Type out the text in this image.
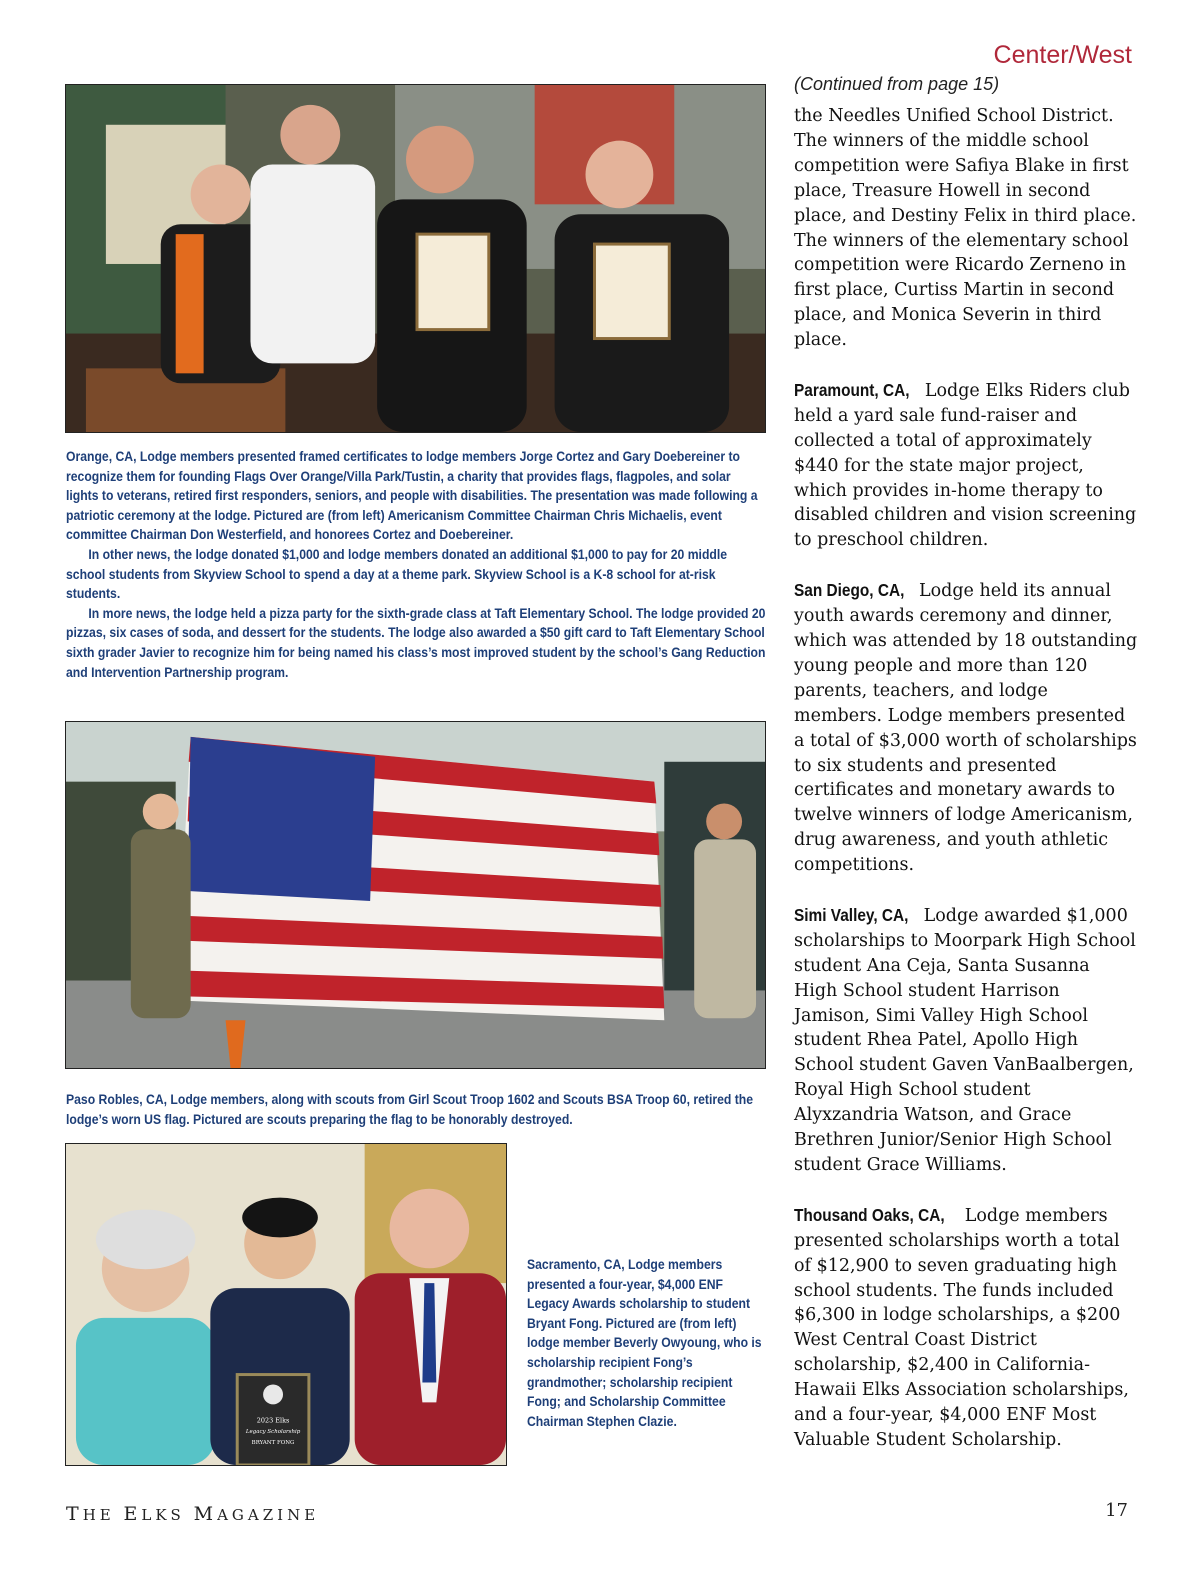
Center/West

Orange, CA, Lodge members presented framed certificates to lodge members Jorge Cortez and Gary Doebereiner to recognize them for founding Flags Over Orange/Villa Park/Tustin, a charity that provides flags, flagpoles, and solar lights to veterans, retired first responders, seniors, and people with disabilities. The presentation was made following a patriotic ceremony at the lodge. Pictured are (from left) Americanism Committee Chairman Chris Michaelis, event committee Chairman Don Westerfield, and honorees Cortez and Doebereiner.

In other news, the lodge donated $1,000 and lodge members donated an additional $1,000 to pay for 20 middle school students from Skyview School to spend a day at a theme park. Skyview School is a K-8 school for at-risk students.

In more news, the lodge held a pizza party for the sixth-grade class at Taft Elementary School. The lodge provided 20 pizzas, six cases of soda, and dessert for the students. The lodge also awarded a $50 gift card to Taft Elementary School sixth grader Javier to recognize him for being named his class’s most improved student by the school’s Gang Reduction and Intervention Partnership program.

Paso Robles, CA, Lodge members, along with scouts from Girl Scout Troop 1602 and Scouts BSA Troop 60, retired the lodge’s worn US flag. Pictured are scouts preparing the flag to be honorably destroyed.

2023 Elks
Legacy Scholarship
BRYANT FONG

Sacramento, CA, Lodge members presented a four-year, $4,000 ENF Legacy Awards scholarship to student Bryant Fong. Pictured are (from left) lodge member Beverly Owyoung, who is scholarship recipient Fong’s grandmother; scholarship recipient Fong; and Scholarship Committee Chairman Stephen Clazie.

(Continued from page 15)

the Needles Unified School District. The winners of the middle school competition were Safiya Blake in first place, Treasure Howell in second place, and Destiny Felix in third place. The winners of the elementary school competition were Ricardo Zerneno in first place, Curtiss Martin in second place, and Monica Severin in third place.

Paramount, CA, Lodge Elks Riders club held a yard sale fund-raiser and collected a total of approximately $440 for the state major project, which provides in-home therapy to disabled children and vision screening to preschool children.

San Diego, CA, Lodge held its annual youth awards ceremony and dinner, which was attended by 18 outstanding young people and more than 120 parents, teachers, and lodge members. Lodge members presented a total of $3,000 worth of scholarships to six students and presented certificates and monetary awards to twelve winners of lodge Americanism, drug awareness, and youth athletic competitions.

Simi Valley, CA, Lodge awarded $1,000 scholarships to Moorpark High School student Ana Ceja, Santa Susanna High School student Harrison Jamison, Simi Valley High School student Rhea Patel, Apollo High School student Gaven VanBaalbergen, Royal High School student Alyxzandria Watson, and Grace Brethren Junior/Senior High School student Grace Williams.

Thousand Oaks, CA, Lodge members presented scholarships worth a total of $12,900 to seven graduating high school students. The funds included $6,300 in lodge scholarships, a $200 West Central Coast District scholarship, $2,400 in California-Hawaii Elks Association scholarships, and a four-year, $4,000 ENF Most Valuable Student Scholarship.

THE ELKS MAGAZINE	17
